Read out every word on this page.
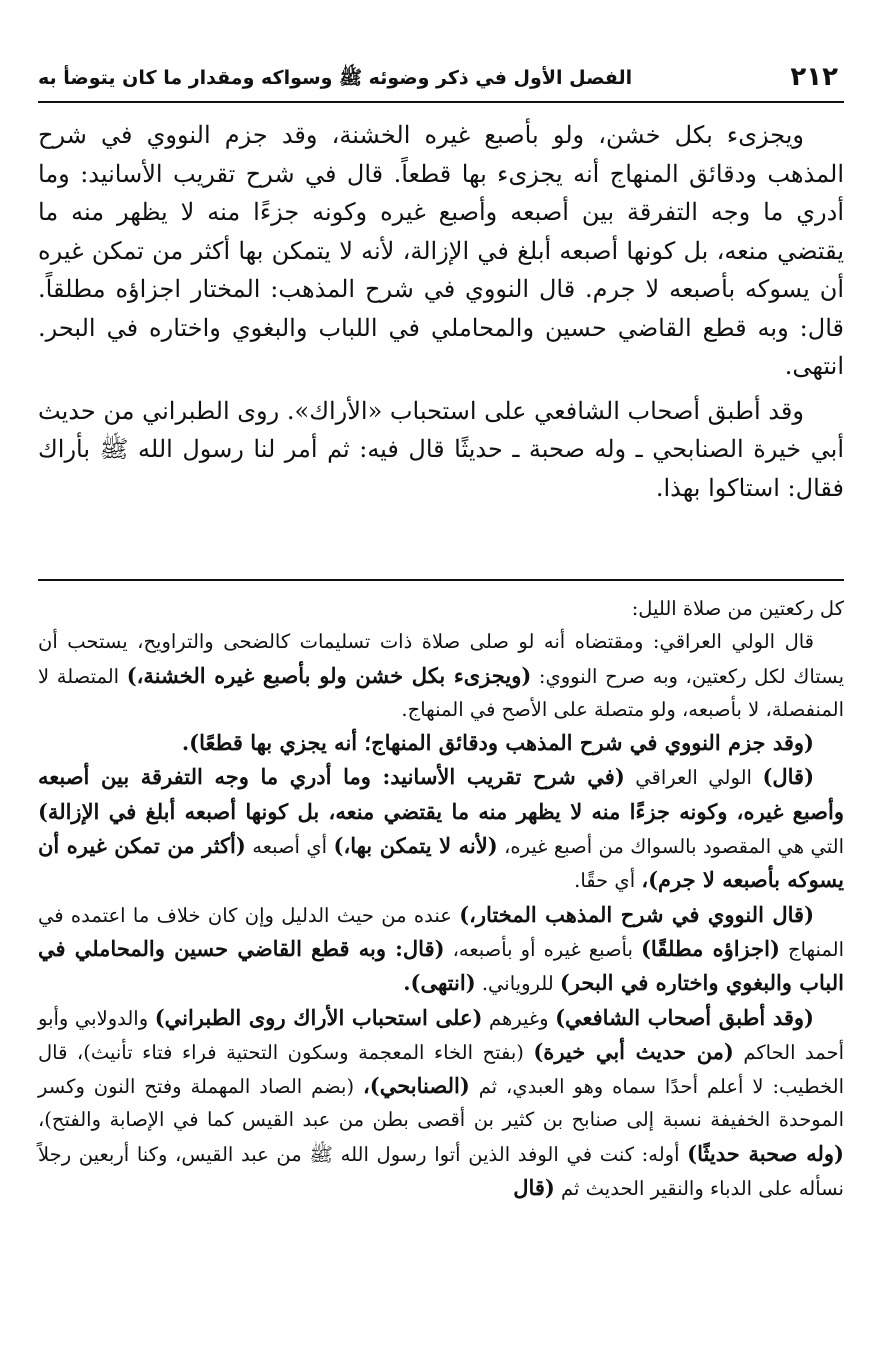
٢١٢
الفصل الأول في ذكر وضوئه ﷺ وسواكه ومقدار ما كان يتوضأ به

ويجزىء بكل خشن، ولو بأصبع غيره الخشنة، وقد جزم النووي في شرح المذهب ودقائق المنهاج أنه يجزىء بها قطعاً. قال في شرح تقريب الأسانيد: وما أدري ما وجه التفرقة بين أصبعه وأصبع غيره وكونه جزءًا منه لا يظهر منه ما يقتضي منعه، بل كونها أصبعه أبلغ في الإزالة، لأنه لا يتمكن بها أكثر من تمكن غيره أن يسوكه بأصبعه لا جرم. قال النووي في شرح المذهب: المختار اجزاؤه مطلقاً. قال: وبه قطع القاضي حسين والمحاملي في اللباب والبغوي واختاره في البحر. انتهى.

وقد أطبق أصحاب الشافعي على استحباب «الأراك». روى الطبراني من حديث أبي خيرة الصنابحي ـ وله صحبة ـ حديثًا قال فيه: ثم أمر لنا رسول الله ﷺ بأراك فقال: استاكوا بهذا.

كل ركعتين من صلاة الليل:

قال الولي العراقي: ومقتضاه أنه لو صلى صلاة ذات تسليمات كالضحى والتراويح، يستحب أن يستاك لكل ركعتين، وبه صرح النووي: (ويجزىء بكل خشن ولو بأصبع غيره الخشنة،) المتصلة لا المنفصلة، لا بأصبعه، ولو متصلة على الأصح في المنهاج.

(وقد جزم النووي في شرح المذهب ودقائق المنهاج؛ أنه يجزي بها قطعًا).

(قال) الولي العراقي (في شرح تقريب الأسانيد: وما أدري ما وجه التفرقة بين أصبعه وأصبع غيره، وكونه جزءًا منه لا يظهر منه ما يقتضي منعه، بل كونها أصبعه أبلغ في الإزالة) التي هي المقصود بالسواك من أصبع غيره، (لأنه لا يتمكن بها،) أي أصبعه (أكثر من تمكن غيره أن يسوكه بأصبعه لا جرم)، أي حقًا.

(قال النووي في شرح المذهب المختار،) عنده من حيث الدليل وإن كان خلاف ما اعتمده في المنهاج (اجزاؤه مطلقًا) بأصبع غيره أو بأصبعه، (قال: وبه قطع القاضي حسين والمحاملي في الباب والبغوي واختاره في البحر) للروياني. (انتهى).

(وقد أطبق أصحاب الشافعي) وغيرهم (على استحباب الأراك روى الطبراني) والدولابي وأبو أحمد الحاكم (من حديث أبي خيرة) (بفتح الخاء المعجمة وسكون التحتية فراء فتاء تأنيث)، قال الخطيب: لا أعلم أحدًا سماه وهو العبدي، ثم (الصنابحي)، (بضم الصاد المهملة وفتح النون وكسر الموحدة الخفيفة نسبة إلى صنابح بن كثير بن أقصى بطن من عبد القيس كما في الإصابة والفتح)، (وله صحبة حديثًا) أوله: كنت في الوفد الذين أتوا رسول الله ﷺ من عبد القيس، وكنا أربعين رجلاً نسأله على الدباء والنقير الحديث ثم (قال
